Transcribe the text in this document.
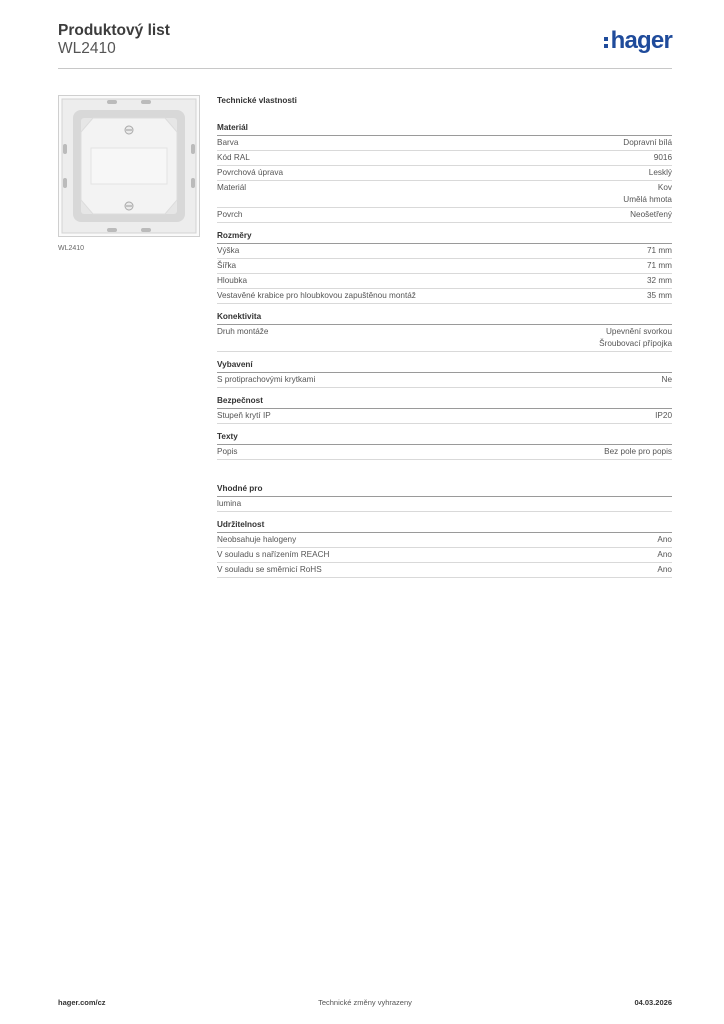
Produktový list
WL2410	hager
WL2410
Technické vlastnosti
Materiál
Barva	Dopravní bílá
Kód RAL	9016
Povrchová úprava	Lesklý
Materiál	Kov
Umělá hmota
Povrch	Neošetřený
Rozměry
Výška	71 mm
Šířka	71 mm
Hloubka	32 mm
Vestavěné krabice pro hloubkovou zapuštěnou montáž	35 mm
Konektivita
Druh montáže	Upevnění svorkou
Šroubovací přípojka
Vybavení
S protiprachovými krytkami	Ne
Bezpečnost
Stupeň krytí IP	IP20
Texty
Popis	Bez pole pro popis
Vhodné pro
lumina
Udržitelnost
Neobsahuje halogeny	Ano
V souladu s nařízením REACH	Ano
V souladu se směrnicí RoHS	Ano
hager.com/cz	Technické změny vyhrazeny	04.03.2026
